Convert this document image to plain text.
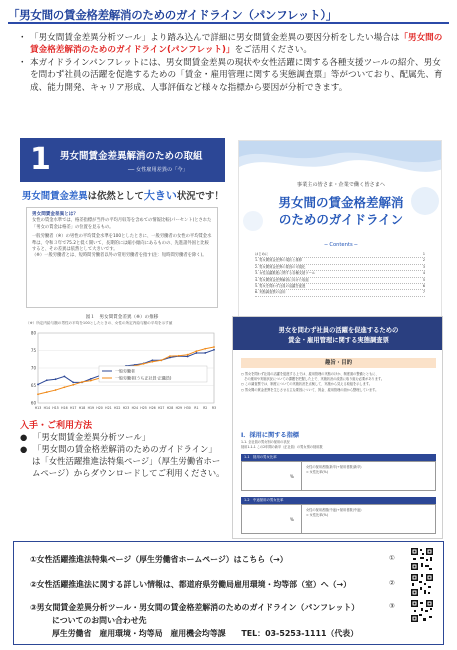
「男女間の賃金格差解消のためのガイドライン（パンフレット）」
・ 「男女間賃金差異分析ツール」より踏み込んで詳細に男女間賃金差異の要因分析をしたい場合は「男女間の賃金格差解消のためのガイドライン(パンフレット)」をご活用ください。
・ 本ガイドラインパンフレットには、男女間賃金差異の現状や女性活躍に関する各種支援ツールの紹介、男女を問わず社員の活躍を促進するための「賃金・雇用管理に関する実態調査票」等がついており、配属先、育成、能力開発、キャリア形成、人事評価など様々な指標から要因が分析できます。
1 男女間賃金差異解消のための取組
── 女性雇用差異の「今」
男女間賃金差異は依然として大きい状況です！
男女間賃金差異とは？
女性の賃金水準では、格差指標が当件の平均月収等を含めての情報比較(パーセント)とされた「男女の賃金は格差」の位置を見るもの。
一般労働者（※）の男性の平均賃金水準を100としたときに、一般労働者の女性の平均賃金水準は、令和３年で75.2と低く開いて、長期的には縮小傾向にあるものの、先進諸外国と比較すると、その差異は依然として大きいです。
（※）一般労働者とは、短時間労働者以外の常用労働者を指す(注：短時間労働者を除く)。
図１　男女間賃金差異（※）の推移
（※）所定内給与額の男性の平均を100としたときの、女性の所定内給与額の平均を示す値
60
65
70
75
80
H13 H14 H15 H16 H17 H18 H19 H20 H21 H22 H23 H24 H25 H26 H27 H28 H29 H30 R1 R2 R3
一般労働者
一般労働者(うち正社員·正職員)
入手・ご利用方法
● 「男女間賃金差異分析ツール」
● 「男女間の賃金格差解消のためのガイドライン」
は「女性活躍推進法特集ページ」（厚生労働省ホームページ）からダウンロードしてご利用ください。
事業主の皆さま・企業で働く皆さまへ
男女間の賃金格差解消
のためのガイドライン
─ Contents ─
はじめに	1
1. 男女間賃金差異の現状と推移	2
2. 男女間賃金差異の要因の可視化	3
3. 女性活躍推進に関する各種支援ツール	4
4. 男女間賃金差異解消に向けた取組	5
5. 男女を問わず社員の活躍を促進	6
6. 実態調査票の活用	7
男女を問わず社員の活躍を促進するための
賃金・雇用管理に関する実態調査票
趣旨・目的
○ 男女を問わず社員の活躍を促進する上では、雇用管理の実態のほか、制度面の整備とともに、
　その運用や実施状況についての課題を把握した上で、実施状況の改善に取り組む必要があります。
○ この調査票では、制度についての実施状況を点検して、実施から見える取組を示します。
○ 男女間の賃金差異を生じさせる主な要因について、賃金、雇用管理の面から整理しています。
Ⅰ．採用に関する指標
1-1. 全社員の男女別の採用の状況
採用1-1-1 この2年間の新卒（正社員）の男女別の採用数
1-1　採用の男女比率
%
女性の採用者数(新卒)÷採用者数(新卒)
= 女性比率(%)
1-2　中途採用の男女比率
%
女性の採用者数(中途)÷採用者数(中途)
= 女性比率(%)
①女性活躍推進法特集ページ（厚生労働省ホームページ）はこちら（→）
②女性活躍推進法に関する詳しい情報は、都道府県労働局雇用環境・均等部（室）へ（→）
③男女間賃金差異分析ツール・男女間の賃金格差解消のためのガイドライン（パンフレット）
についてのお問い合わせ先
厚生労働省　雇用環境・均等局　雇用機会均等課　　TEL：03-5253-1111（代表）
①
②
③
